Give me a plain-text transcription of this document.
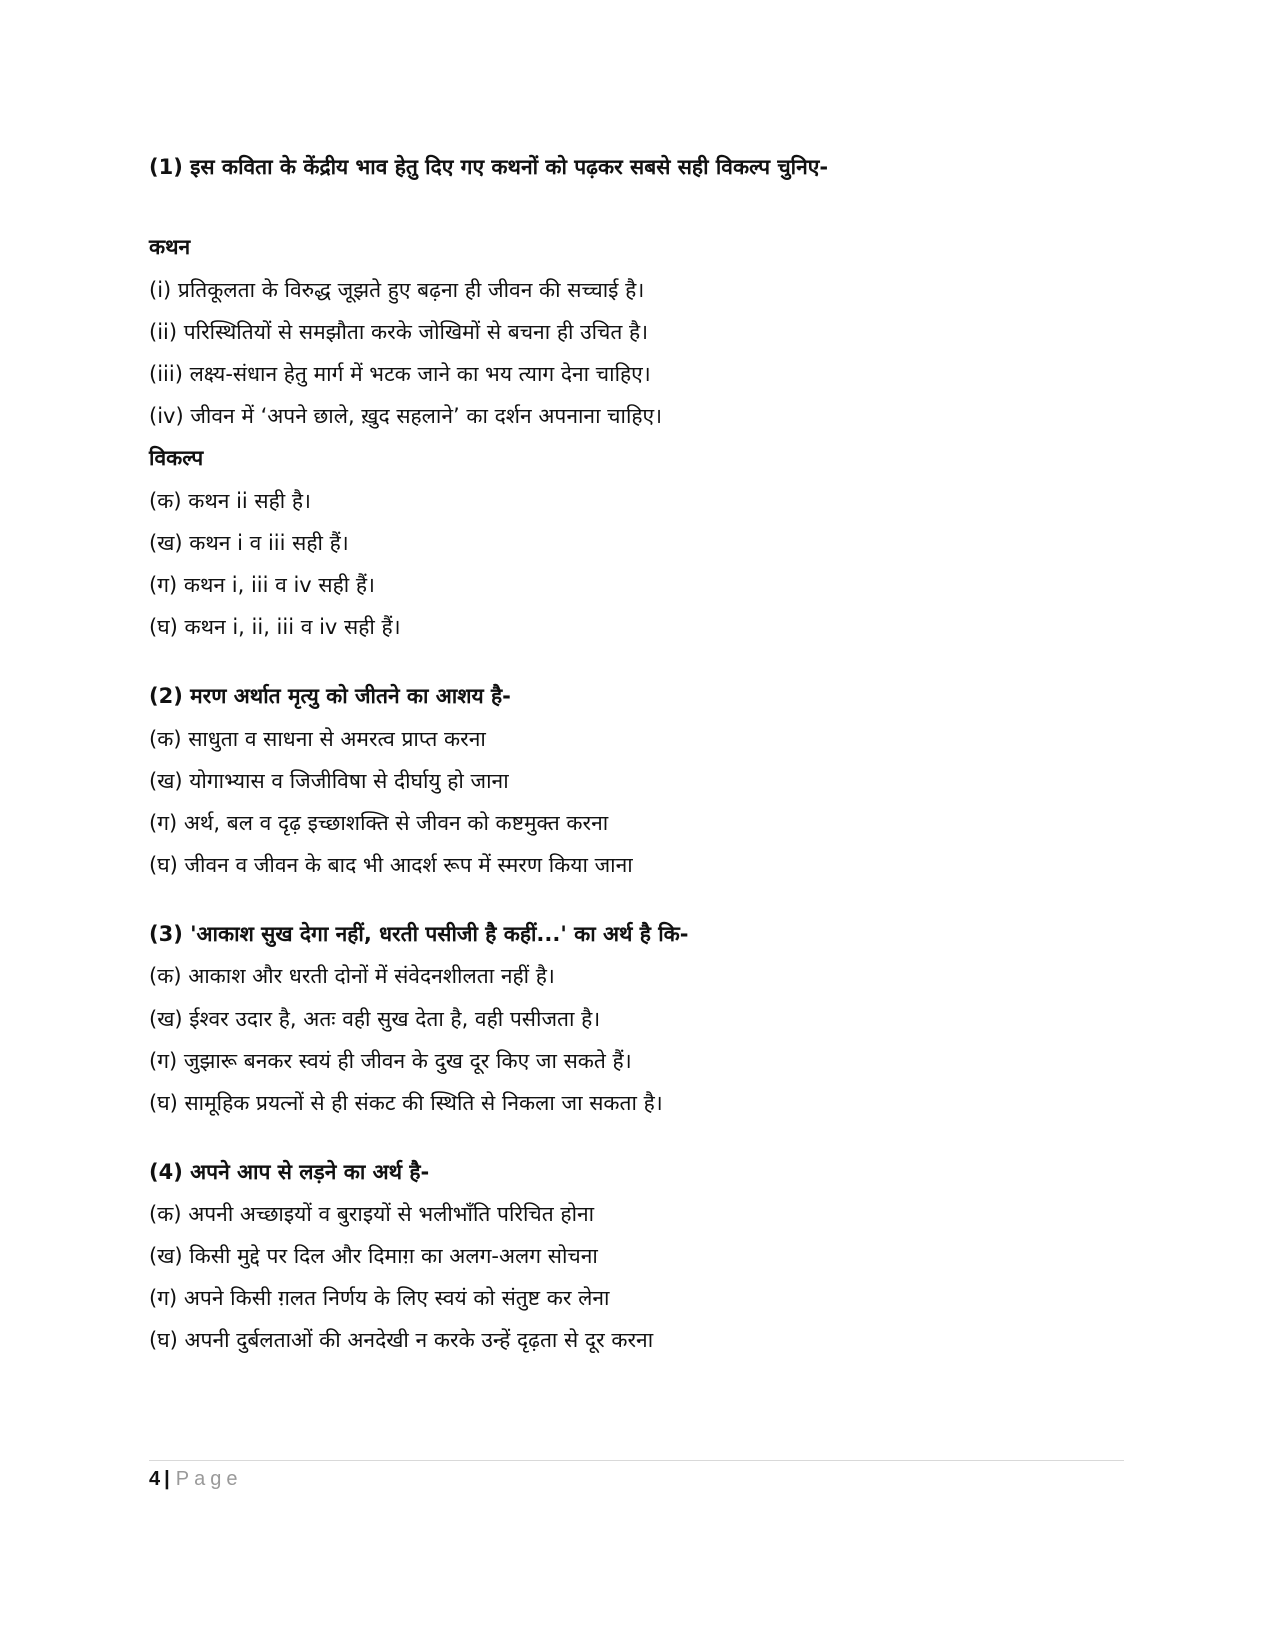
(1) इस कविता के केंद्रीय भाव हेतु दिए गए कथनों को पढ़कर सबसे सही विकल्प चुनिए-
कथन
(i) प्रतिकूलता के विरुद्ध जूझते हुए बढ़ना ही जीवन की सच्चाई है।
(ii) परिस्थितियों से समझौता करके जोखिमों से बचना ही उचित है।
(iii) लक्ष्य-संधान हेतु मार्ग में भटक जाने का भय त्याग देना चाहिए।
(iv) जीवन में ‘अपने छाले, ख़ुद सहलाने’ का दर्शन अपनाना चाहिए।
विकल्प
(क) कथन ii सही है।
(ख) कथन i व iii सही हैं।
(ग) कथन i, iii व iv सही हैं।
(घ) कथन i, ii, iii व iv सही हैं।
(2) मरण अर्थात मृत्यु को जीतने का आशय है-
(क) साधुता व साधना से अमरत्व प्राप्त करना
(ख) योगाभ्यास व जिजीविषा से दीर्घायु हो जाना
(ग) अर्थ, बल व दृढ़ इच्छाशक्ति से जीवन को कष्टमुक्त करना
(घ) जीवन व जीवन के बाद भी आदर्श रूप में स्मरण किया जाना
(3) 'आकाश सुख देगा नहीं, धरती पसीजी है कहीं...' का अर्थ है कि-
(क) आकाश और धरती दोनों में संवेदनशीलता नहीं है।
(ख) ईश्वर उदार है, अतः वही सुख देता है, वही पसीजता है।
(ग) जुझारू बनकर स्वयं ही जीवन के दुख दूर किए जा सकते हैं।
(घ) सामूहिक प्रयत्नों से ही संकट की स्थिति से निकला जा सकता है।
(4) अपने आप से लड़ने का अर्थ है-
(क) अपनी अच्छाइयों व बुराइयों से भलीभाँति परिचित होना
(ख) किसी मुद्दे पर दिल और दिमाग़ का अलग-अलग सोचना
(ग) अपने किसी ग़लत निर्णय के लिए स्वयं को संतुष्ट कर लेना
(घ) अपनी दुर्बलताओं की अनदेखी न करके उन्हें दृढ़ता से दूर करना
4 | Page
